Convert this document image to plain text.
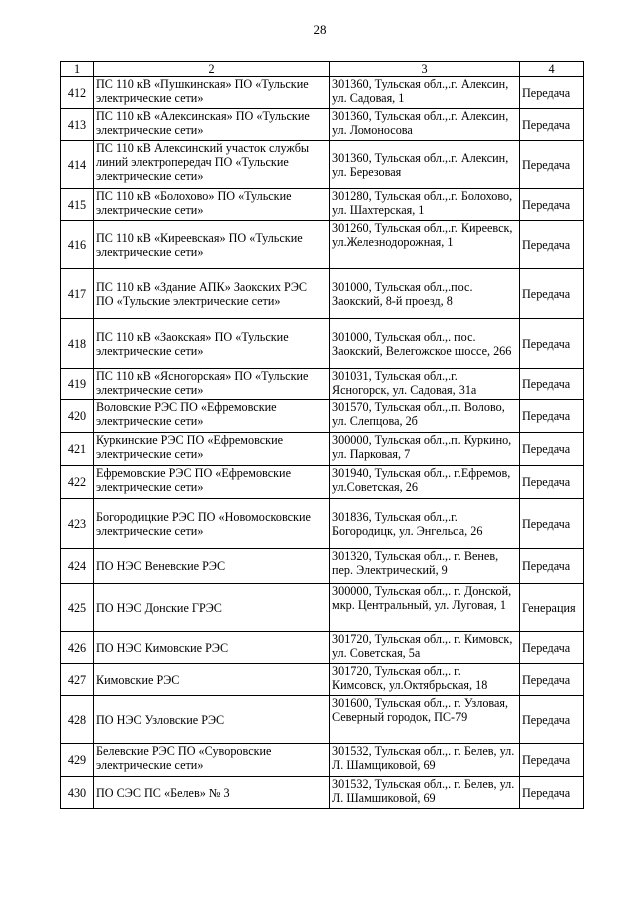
28
1	2	3	4
412	ПС 110 кВ «Пушкинская» ПО «Тульские электрические сети»	301360, Тульская обл.,.г. Алексин, ул. Садовая, 1	Передача
413	ПС 110 кВ «Алексинская» ПО «Тульские электрические сети»	301360, Тульская обл.,.г. Алексин, ул. Ломоносова	Передача
414	ПС 110 кВ Алексинский участок службы линий электропередач ПО «Тульские электрические сети»	301360, Тульская обл.,.г. Алексин, ул. Березовая	Передача
415	ПС 110 кВ «Болохово» ПО «Тульские электрические сети»	301280, Тульская обл.,.г. Болохово, ул. Шахтерская, 1	Передача
416	ПС 110 кВ «Киреевская» ПО «Тульские электрические сети»	301260, Тульская обл.,.г. Киреевск, ул.Железнодорожная, 1	Передача
417	ПС 110 кВ «Здание АПК» Заокских РЭС ПО «Тульские электрические сети»	301000, Тульская обл.,.пос. Заокский, 8-й проезд, 8	Передача
418	ПС 110 кВ «Заокская» ПО «Тульские электрические сети»	301000, Тульская обл.,. пос. Заокский, Велегожское шоссе, 266	Передача
419	ПС 110 кВ «Ясногорская» ПО «Тульские электрические сети»	301031, Тульская обл.,.г. Ясногорск, ул. Садовая, 31а	Передача
420	Воловские РЭС ПО «Ефремовские электрические сети»	301570, Тульская обл.,.п. Волово, ул. Слепцова, 2б	Передача
421	Куркинские РЭС ПО «Ефремовские электрические сети»	300000, Тульская обл.,.п. Куркино, ул. Парковая, 7	Передача
422	Ефремовские РЭС ПО «Ефремовские электрические сети»	301940, Тульская обл.,. г.Ефремов, ул.Советская, 26	Передача
423	Богородицкие РЭС ПО «Новомосковские электрические сети»	301836, Тульская обл.,.г. Богородицк, ул. Энгельса, 26	Передача
424	ПО НЭС Веневские РЭС	301320, Тульская обл.,. г. Венев, пер. Электрический, 9	Передача
425	ПО НЭС Донские ГРЭС	300000, Тульская обл.,. г. Донской, мкр. Центральный, ул. Луговая, 1	Генерация
426	ПО НЭС Кимовские РЭС	301720, Тульская обл.,. г. Кимовск, ул. Советская, 5а	Передача
427	Кимовские РЭС	301720, Тульская обл.,. г. Кимсовск, ул.Октябрьская, 18	Передача
428	ПО НЭС Узловские РЭС	301600, Тульская обл.,. г. Узловая, Северный городок, ПС-79	Передача
429	Белевские РЭС ПО «Суворовские электрические сети»	301532, Тульская обл.,. г. Белев, ул. Л. Шамщиковой, 69	Передача
430	ПО СЭС ПС «Белев» № 3	301532, Тульская обл.,. г. Белев, ул. Л. Шамшиковой, 69	Передача
